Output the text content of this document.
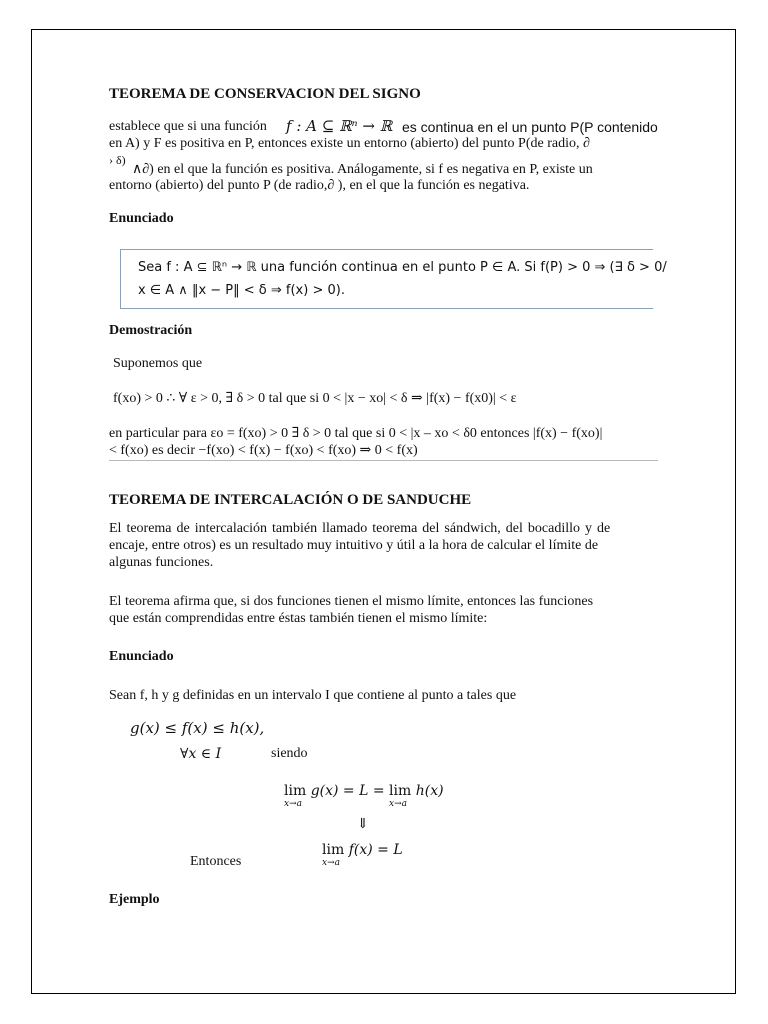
TEOREMA DE CONSERVACION DEL SIGNO
establece que si una función f : A ⊆ ℝⁿ → ℝ es continua en el un punto P(P contenido
en A) y F es positiva en P, entonces existe un entorno (abierto) del punto P(de radio, ∂
› δ)
∧∂) en el que la función es positiva. Análogamente, si f es negativa en P, existe un
entorno (abierto) del punto P (de radio,∂ ), en el que la función es negativa.
Enunciado
Sea f : A ⊆ ℝⁿ → ℝ una función continua en el punto P ∈ A. Si f(P) > 0 ⇒ (∃ δ > 0/
x ∈ A ∧ ‖x − P‖ < δ ⇒ f(x) > 0).
Demostración
Suponemos que
f(xo) > 0 ∴ ∀ ε > 0, ∃ δ > 0 tal que si 0 < |x − xo| < δ ⇒ |f(x) − f(x0)| < ε
en particular para εo = f(xo) > 0 ∃ δ > 0 tal que si 0 < |x – xo < δ0 entonces |f(x) − f(xo)|
< f(xo) es decir −f(xo) < f(x) − f(xo) < f(xo) ⇒ 0 < f(x)
TEOREMA DE INTERCALACIÓN O DE SANDUCHE
El teorema de intercalación también llamado teorema del sándwich, del bocadillo y de
encaje, entre otros) es un resultado muy intuitivo y útil a la hora de calcular el límite de
algunas funciones.
El teorema afirma que, si dos funciones tienen el mismo límite, entonces las funciones
que están comprendidas entre éstas también tienen el mismo límite:
Enunciado
Sean f, h y g definidas en un intervalo I que contiene al punto a tales que
g(x) ≤ f(x) ≤ h(x),
∀x ∈ I	siendo
lim
x→a
g(x) = L = lim
x→a
h(x)
⇓
Entonces
lim
x→a
f(x) = L
Ejemplo
